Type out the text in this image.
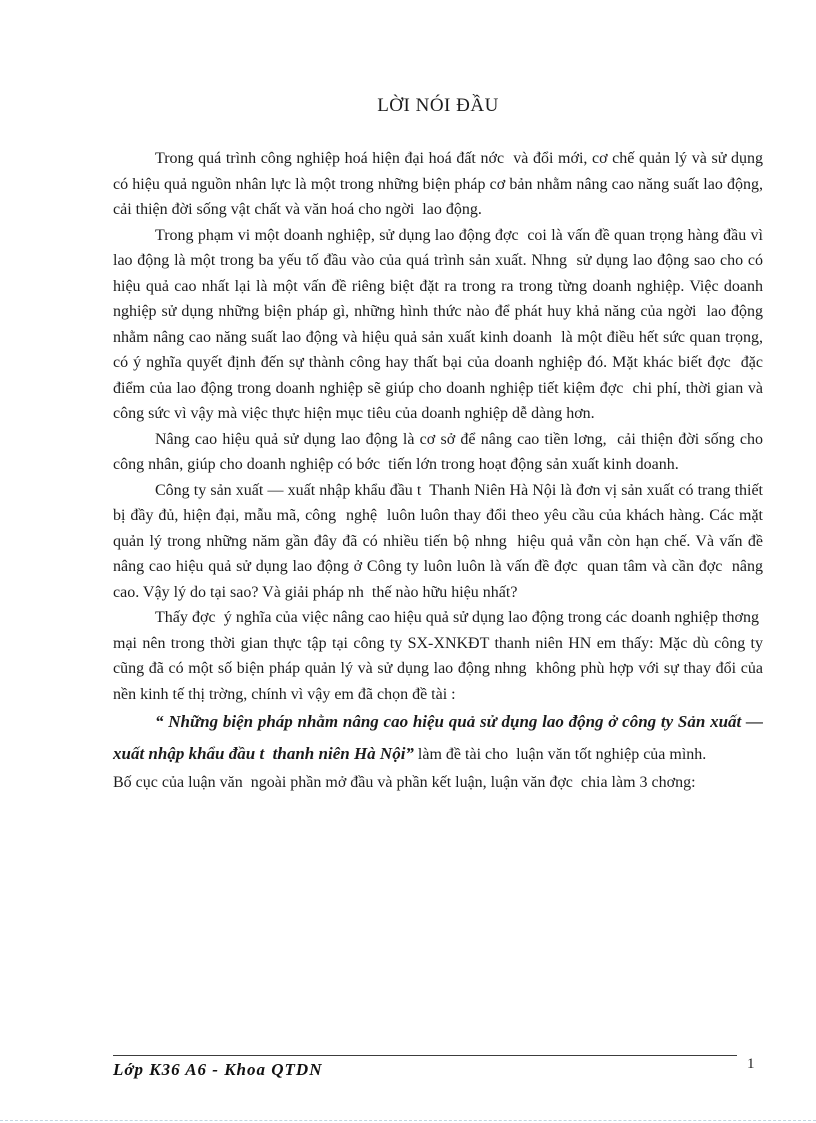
LỜI NÓI ĐẦU

Trong quá trình công nghiệp hoá hiện đại hoá đất nớc  và đổi mới, cơ chế quản lý và sử dụng có hiệu quả nguồn nhân lực là một trong những biện pháp cơ bản nhằm nâng cao năng suất lao động, cải thiện đời sống vật chất và văn hoá cho ngời  lao động.

Trong phạm vi một doanh nghiệp, sử dụng lao động đợc  coi là vấn đề quan trọng hàng đầu vì lao động là một trong ba yếu tố đầu vào của quá trình sản xuất. Nhng  sử dụng lao động sao cho có hiệu quả cao nhất lại là một vấn đề riêng biệt đặt ra trong ra trong từng doanh nghiệp. Việc doanh nghiệp sử dụng những biện pháp gì, những hình thức nào để phát huy khả năng của ngời  lao động nhằm nâng cao năng suất lao động và hiệu quả sản xuất kinh doanh  là một điều hết sức quan trọng, có ý nghĩa quyết định đến sự thành công hay thất bại của doanh nghiệp đó. Mặt khác biết đợc  đặc điểm của lao động trong doanh nghiệp sẽ giúp cho doanh nghiệp tiết kiệm đợc  chi phí, thời gian và công sức vì vậy mà việc thực hiện mục tiêu của doanh nghiệp dễ dàng hơn.

Nâng cao hiệu quả sử dụng lao động là cơ sở để nâng cao tiền lơng,  cải thiện đời sống cho công nhân, giúp cho doanh nghiệp có bớc  tiến lớn trong hoạt động sản xuất kinh doanh.

Công ty sản xuất — xuất nhập khẩu đầu t  Thanh Niên Hà Nội là đơn vị sản xuất có trang thiết bị đầy đủ, hiện đại, mẫu mã, công  nghệ  luôn luôn thay đổi theo yêu cầu của khách hàng. Các mặt quản lý trong những năm gần đây đã có nhiều tiến bộ nhng  hiệu quả vẫn còn hạn chế. Và vấn đề nâng cao hiệu quả sử dụng lao động ở Công ty luôn luôn là vấn đề đợc  quan tâm và cần đợc  nâng cao. Vậy lý do tại sao? Và giải pháp nh  thế nào hữu hiệu nhất?

Thấy đợc  ý nghĩa của việc nâng cao hiệu quả sử dụng lao động trong các doanh nghiệp thơng  mại nên trong thời gian thực tập tại công ty SX-XNKĐT thanh niên HN em thấy: Mặc dù công ty cũng đã có một số biện pháp quản lý và sử dụng lao động nhng  không phù hợp với sự thay đổi của nền kinh tế thị trờng, chính vì vậy em đã chọn đề tài :

“ Những biện pháp nhằm nâng cao hiệu quả sử dụng lao động ở công ty Sản xuất —xuất nhập khẩu đầu t  thanh niên Hà Nội” làm đề tài cho  luận văn tốt nghiệp của mình.

Bố cục của luận văn  ngoài phần mở đầu và phần kết luận, luận văn đợc  chia làm 3 chơng:

Lớp K36 A6 - Khoa QTDN	1
